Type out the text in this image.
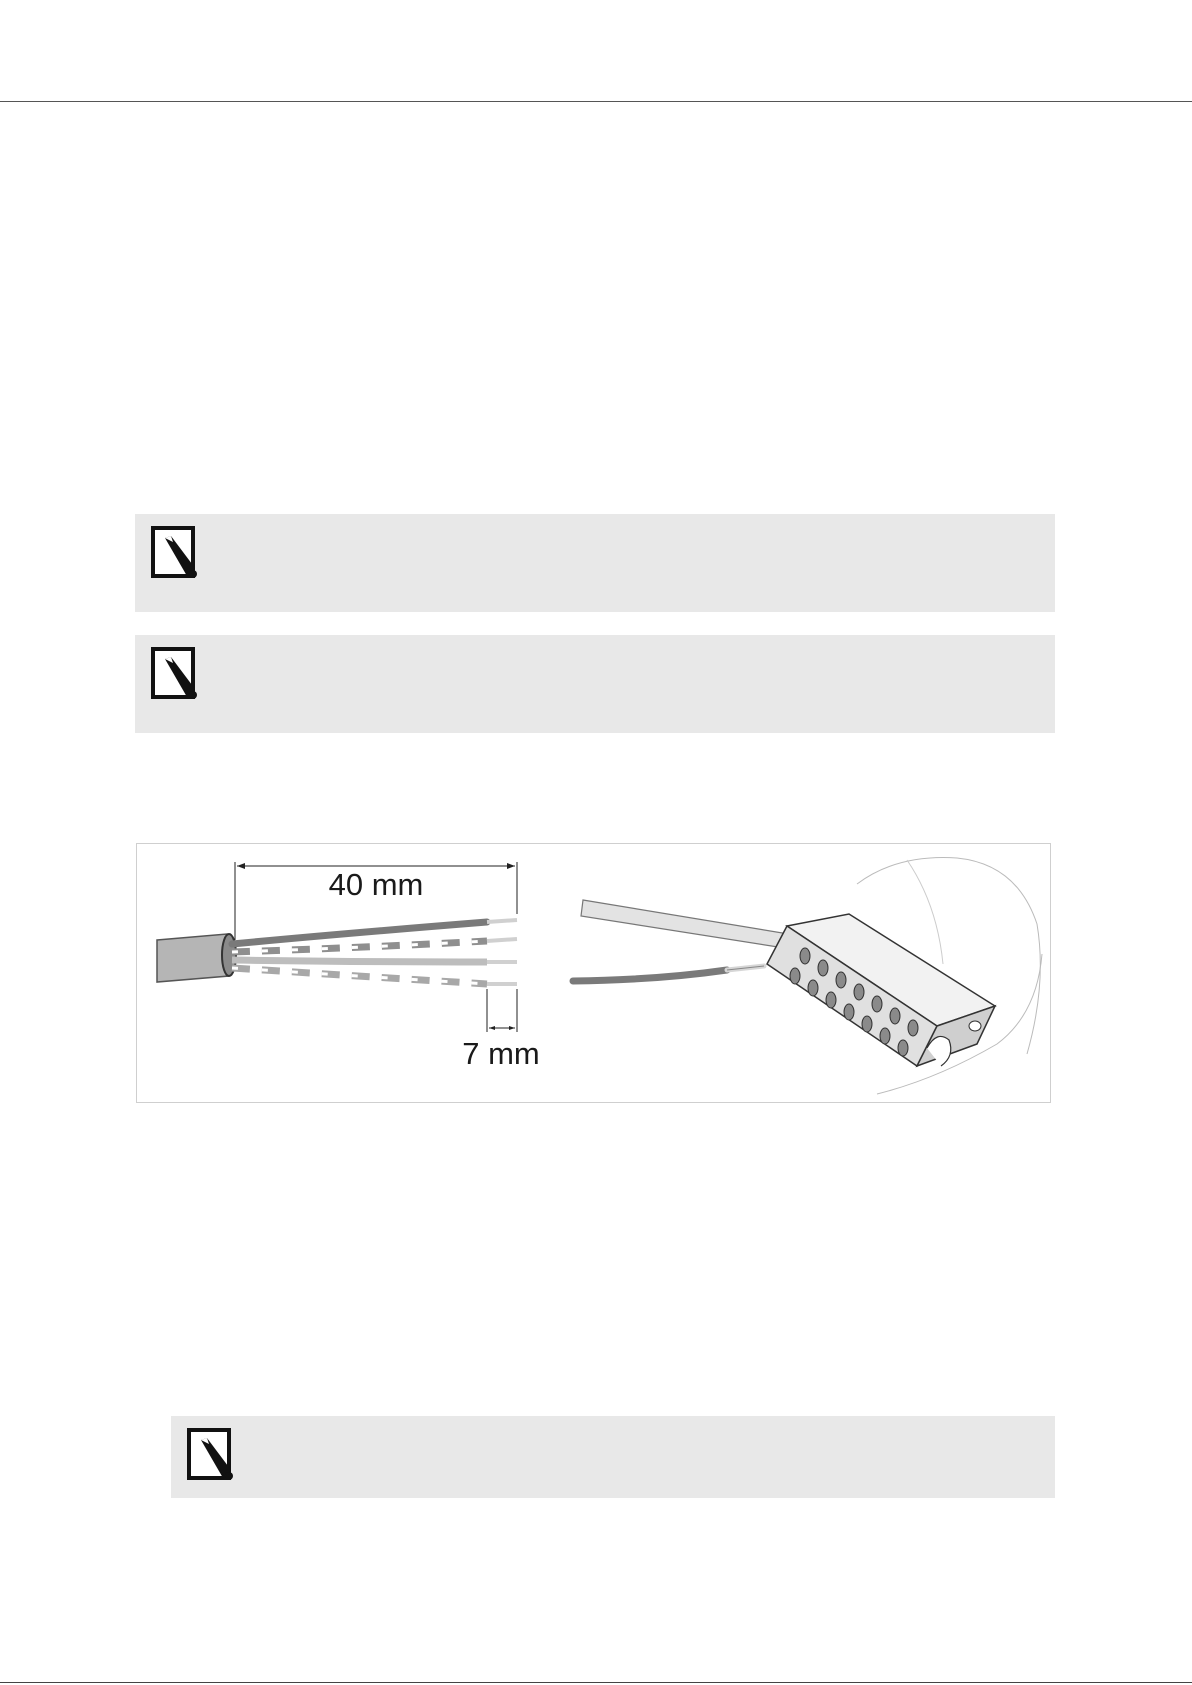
40 mm
7 mm
